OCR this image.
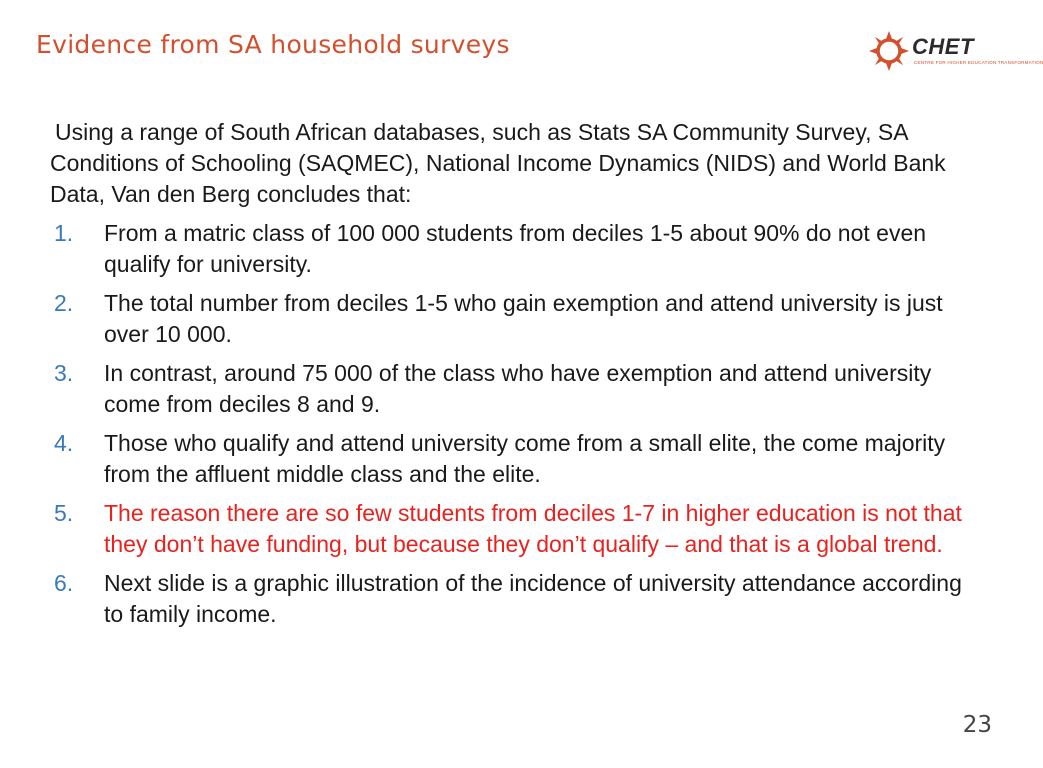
Evidence from SA household surveys	CHET
CENTRE FOR HIGHER EDUCATION TRANSFORMATION

Using a range of South African databases, such as Stats SA Community Survey, SA Conditions of Schooling (SAQMEC), National Income Dynamics (NIDS) and World Bank Data, Van den Berg concludes that:

1.	From a matric class of 100 000 students from deciles 1-5 about 90% do not even qualify for university.
2.	The total number from deciles 1-5 who gain exemption and attend university is just over 10 000.
3.	In contrast, around 75 000 of the class who have exemption and attend university come from deciles 8 and 9.
4.	Those who qualify and attend university come from a small elite, the come majority from the affluent middle class and the elite.
5.	The reason there are so few students from deciles 1-7 in higher education is not that they don’t have funding, but because they don’t qualify – and that is a global trend.
6.	Next slide is a graphic illustration of the incidence of university attendance according to family income.
23
